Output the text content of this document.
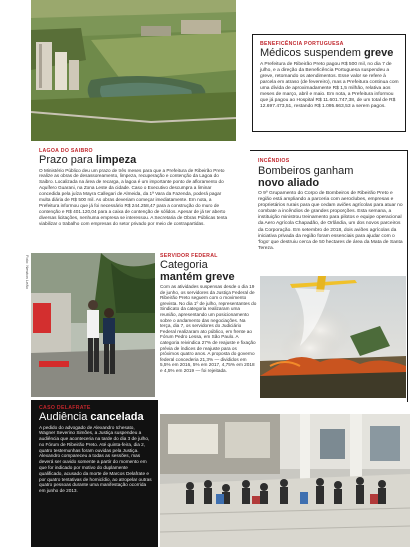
BENEFICÊNCIA PORTUGUESA
Médicos suspendem greve
A Prefeitura de Ribeirão Preto pagou R$ 500 mil, no dia 7 de julho, e a direção da Beneficência Portuguesa suspendeu a greve, retomando os atendimentos. Esse valor se refere à parcela em atraso (de fevereiro), mas a Prefeitura continua com uma dívida de aproximadamente R$ 1,5 milhão, relativa aos meses de março, abril e maio. Em nota, a Prefeitura informou que já pagou ao Hospital R$ 11.601.747,38, de um total de R$ 12.697.473,51, restando R$ 1.095.663,53 a serem pagos.
LAGOA DO SAIBRO
Prazo para limpeza
O Ministério Público deu um prazo de três meses para que a Prefeitura de Ribeirão Preto realize as obras de desassoreamento, limpeza, recuperação e contenção da Lagoa do Saibro. Localizada na área de recarga, a lagoa é um importante ponto de afloramento do Aquífero Guarani, na Zona Leste da cidade. Caso o Executivo descumpra a liminar concedida pela juíza Mayra Callegari de Almeida, da 1ª Vara da Fazenda, poderá pagar multa diária de R$ 500 mil. As obras deveriam começar imediatamente. Em nota, a Prefeitura informou que já foi necessário R$ 244.258,47 para a construção do muro de contenção e R$ 401.120,04 para a caixa de contenção de sólidos. Apesar de já ter aberto diversas licitações, nenhuma empresa se interessou. A Secretaria de Obras Públicas tenta viabilizar o trabalho com empresas do setor privado por meio de contrapartidas.
INCÊNDIOS
Bombeiros ganham
novo aliado
O 9º Grupamento do Corpo de Bombeiros de Ribeirão Preto e região está ampliando a parceria com aeroclubes, empresas e proprietários rurais para que cedam aviões agrícolas para atuar no combate a incêndios de grandes proporções. Esta semana, a instituição ministrou treinamento para pilotos e equipe operacional da Aero Agrícola Chapadão, de Orlândia, um dos novos parceiros da Corporação. Em setembro de 2018, dois aviões agrícolas da iniciativa privada da região foram essenciais para ajudar com o 'fogo' que destruiu cerca de 50 hectares de área da Mata de Santa Tereza.
Foto: Newton Leão	SERVIDOR FEDERAL
Categoria
mantém greve
Com as atividades suspensas desde o dia 19 de junho, os servidores da Justiça Federal de Ribeirão Preto seguem com o movimento grevista. No dia 1º de julho, representantes do Sindicato da categoria realizaram uma reunião, apresentando um posicionamento sobre o andamento das negociações. Na terça, dia 7, os servidores do Judiciário Federal realizaram ato público, em frente ao Fórum Pedro Lessa, em São Paulo. A categoria reivindica 27% de reajuste e fixação prévia de índices de reajuste para os próximos quatro anos. A proposta do governo federal concederia 21,3% — divididos em 5,5% em 2016, 5% em 2017, 4,75% em 2018 e 4,5% em 2019 — foi rejeitada.
CASO DELAFRATE
Audiência cancelada
A pedido do advogado de Alexandro Ichesato, Wagner Severino Simões, a Justiça suspendeu a audiência que aconteceria na tarde do dia 3 de julho, no Fórum de Ribeirão Preto. Até quinta-feira, dia 2, quatro testemunhas foram ouvidas pela Justiça. Alexandro compareceu a todas as sessões, mas deverá ser ouvido somente a partir do momento em que for indicado por motivo do duplamente qualificado, acusado da morte de Marcos Delafrate e por quatro tentativas de homicídio, ao atropelar outras quatro pessoas durante uma manifestação ocorrida em junho de 2013.
